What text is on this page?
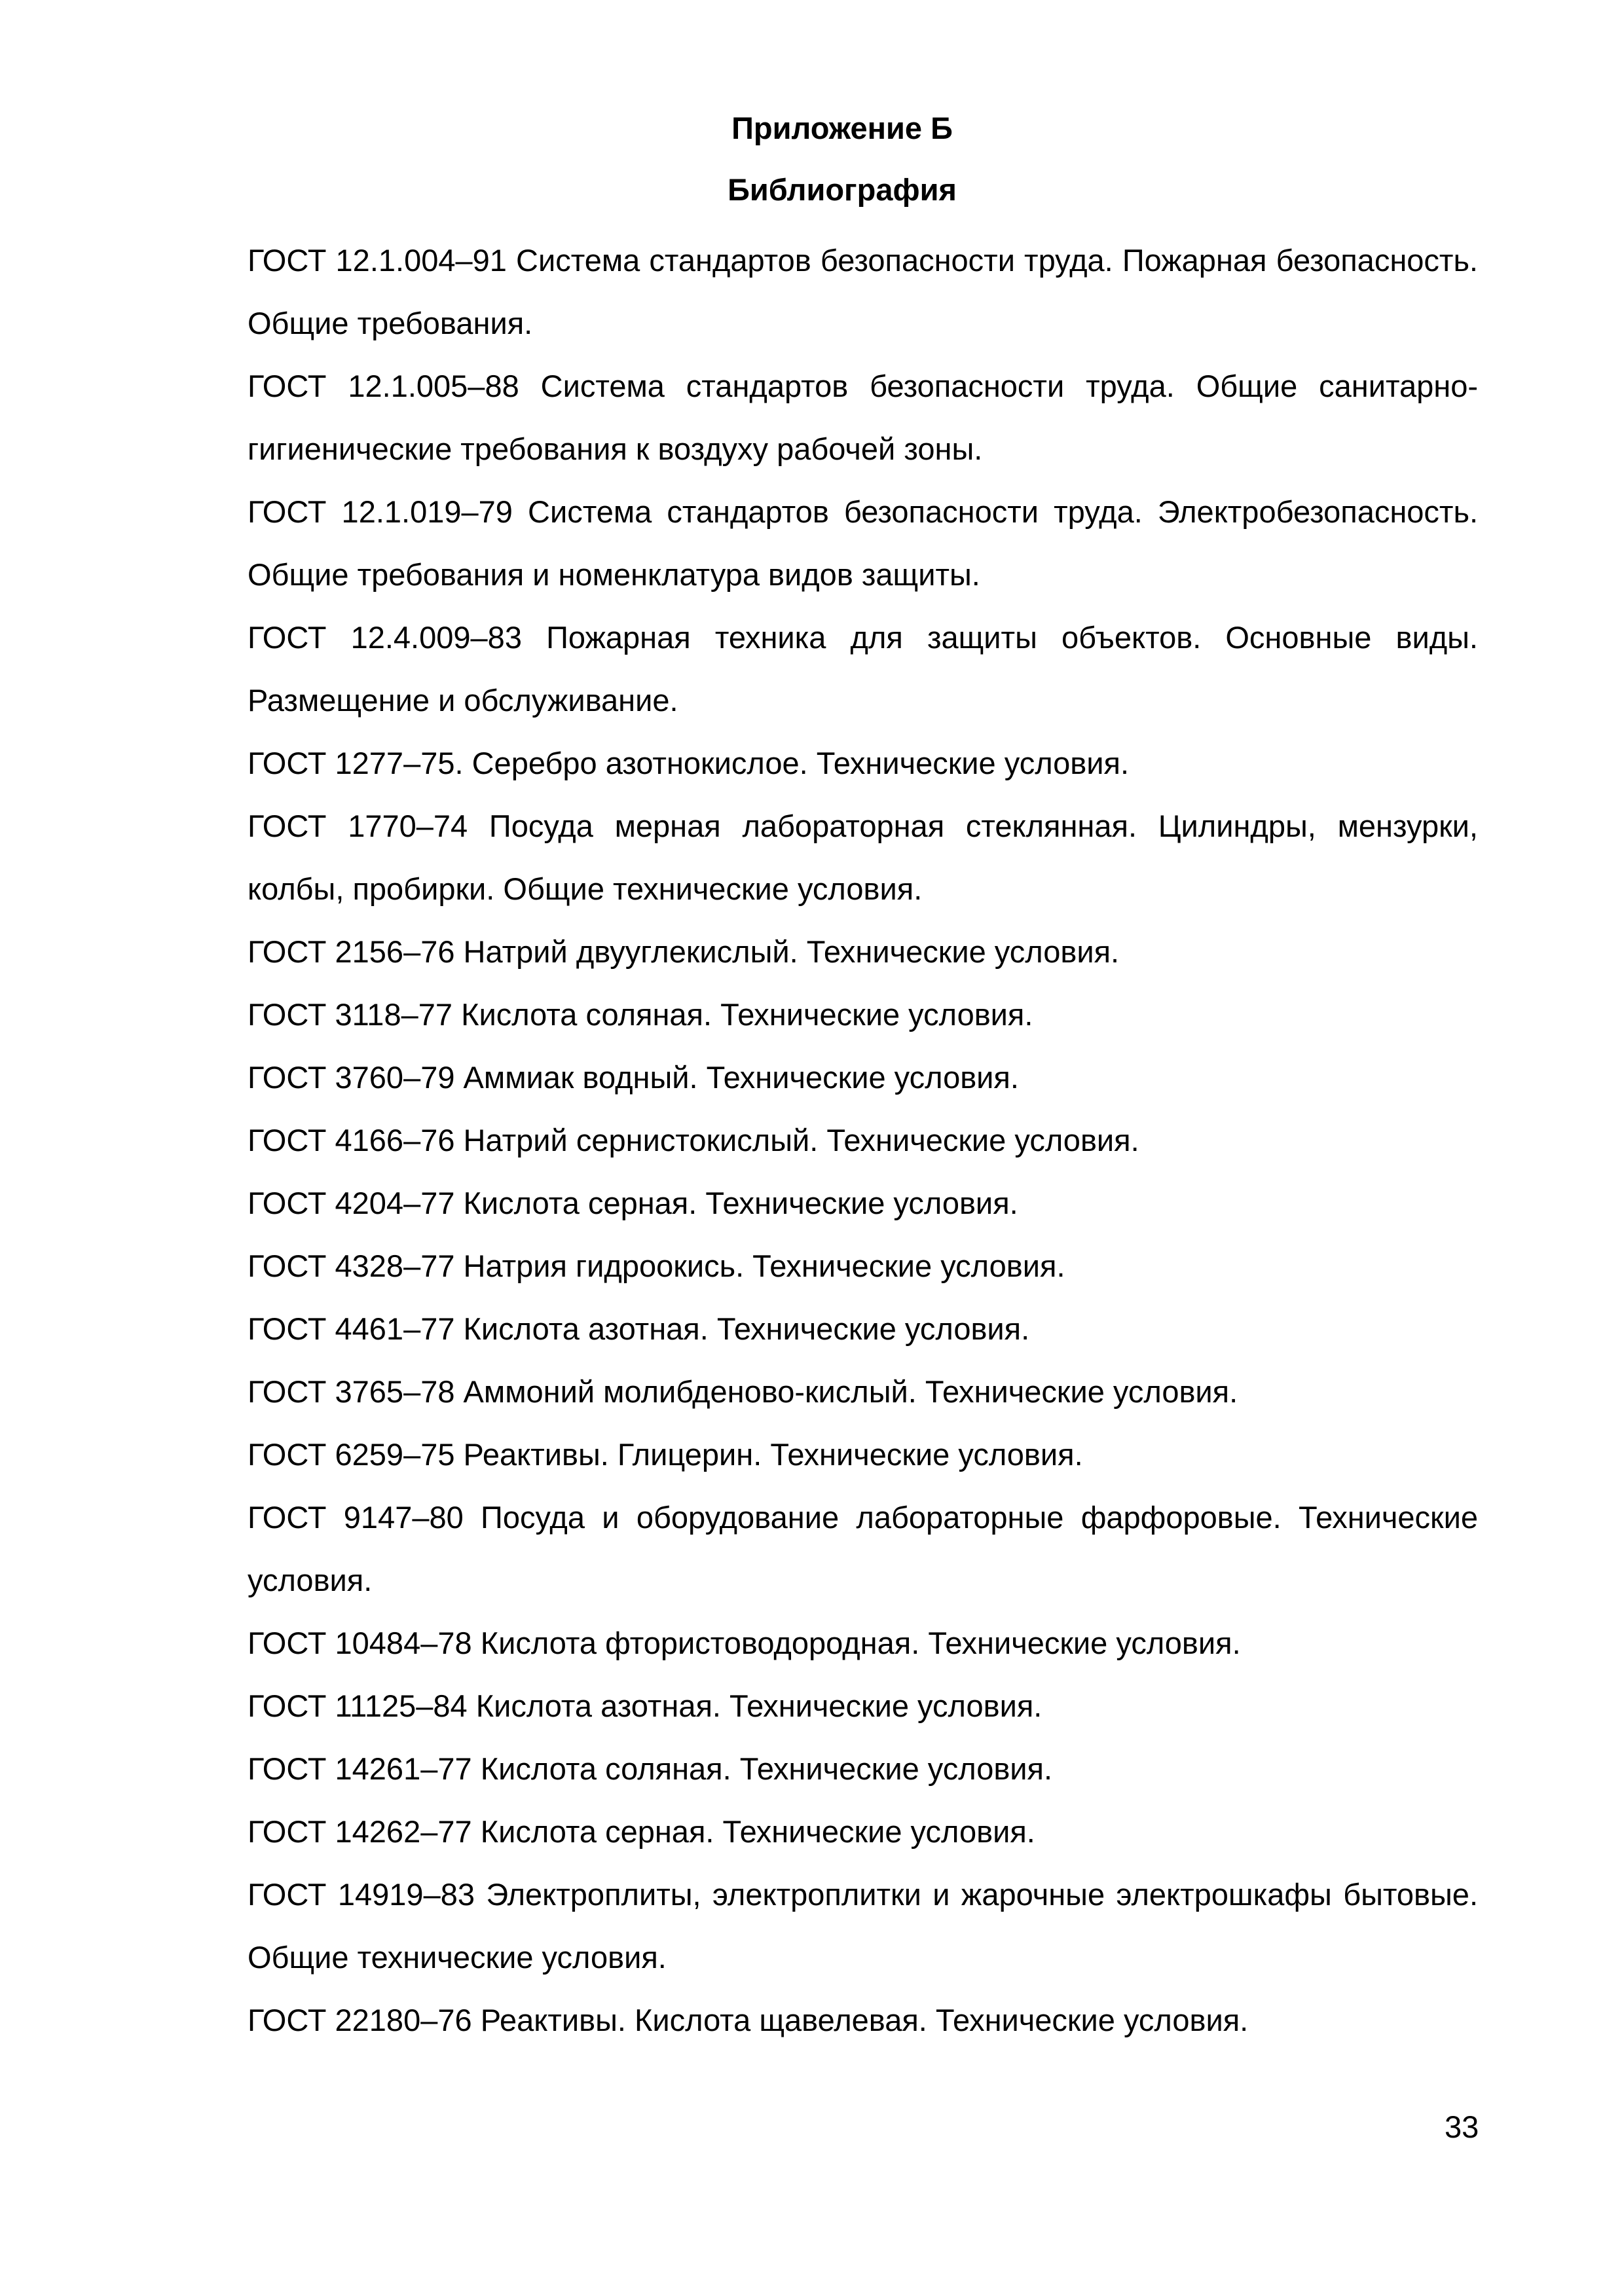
Приложение Б
Библиография
ГОСТ 12.1.004–91 Система стандартов безопасности труда. Пожарная безопасность. Общие требования.
ГОСТ 12.1.005–88 Система стандартов безопасности труда. Общие санитарно-гигиенические требования к воздуху рабочей зоны.
ГОСТ 12.1.019–79 Система стандартов безопасности труда. Электробезопасность. Общие требования и номенклатура видов защиты.
ГОСТ 12.4.009–83 Пожарная техника для защиты объектов. Основные виды. Размещение и обслуживание.
ГОСТ 1277–75. Серебро азотнокислое. Технические условия.
ГОСТ 1770–74 Посуда мерная лабораторная стеклянная. Цилиндры, мензурки, колбы, пробирки. Общие технические условия.
ГОСТ 2156–76 Натрий двууглекислый. Технические условия.
ГОСТ 3118–77 Кислота соляная. Технические условия.
ГОСТ 3760–79 Аммиак водный. Технические условия.
ГОСТ 4166–76 Натрий сернистокислый. Технические условия.
ГОСТ 4204–77 Кислота серная. Технические условия.
ГОСТ 4328–77 Натрия гидроокись. Технические условия.
ГОСТ 4461–77 Кислота азотная. Технические условия.
ГОСТ 3765–78 Аммоний молибденово-кислый. Технические условия.
ГОСТ 6259–75 Реактивы. Глицерин. Технические условия.
ГОСТ 9147–80 Посуда и оборудование лабораторные фарфоровые. Технические условия.
ГОСТ 10484–78 Кислота фтористоводородная. Технические условия.
ГОСТ 11125–84 Кислота азотная. Технические условия.
ГОСТ 14261–77 Кислота соляная. Технические условия.
ГОСТ 14262–77 Кислота серная. Технические условия.
ГОСТ 14919–83 Электроплиты, электроплитки и жарочные электрошкафы бытовые. Общие технические условия.
ГОСТ 22180–76 Реактивы. Кислота щавелевая. Технические условия.
33
